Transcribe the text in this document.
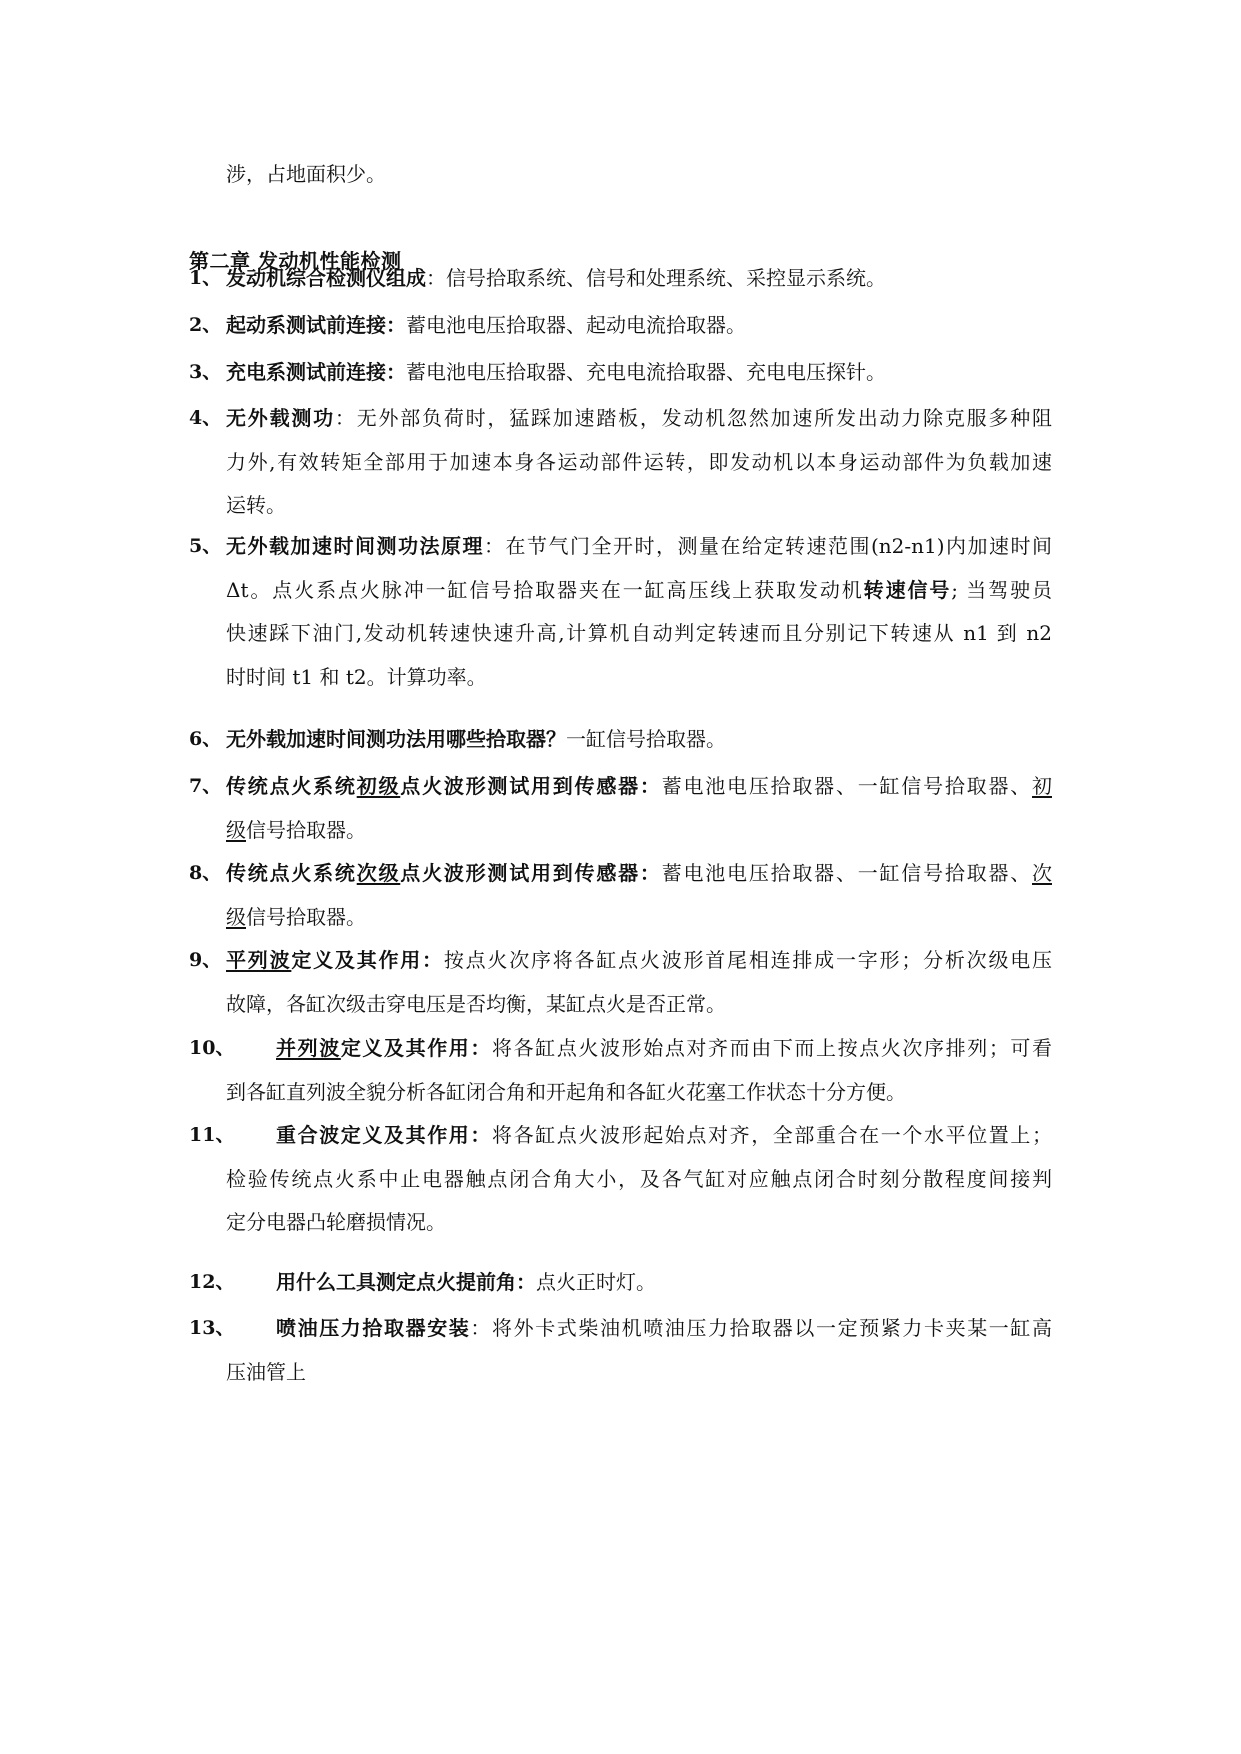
涉，占地面积少。
第二章 发动机性能检测
1、 发动机综合检测仪组成：信号拾取系统、信号和处理系统、采控显示系统。
2、 起动系测试前连接：蓄电池电压拾取器、起动电流拾取器。
3、 充电系测试前连接：蓄电池电压拾取器、充电电流拾取器、充电电压探针。
4、 无外载测功：无外部负荷时，猛踩加速踏板，发动机忽然加速所发出动力除克服多种阻
力外,有效转矩全部用于加速本身各运动部件运转，即发动机以本身运动部件为负载加速
运转。
5、 无外载加速时间测功法原理：在节气门全开时，测量在给定转速范围(n2-n1)内加速时间
Δt。点火系点火脉冲一缸信号拾取器夹在一缸高压线上获取发动机转速信号; 当驾驶员
快速踩下油门,发动机转速快速升高,计算机自动判定转速而且分别记下转速从 n1 到 n2
时时间 t1 和 t2。计算功率。
6、 无外载加速时间测功法用哪些拾取器？一缸信号拾取器。
7、 传统点火系统初级点火波形测试用到传感器：蓄电池电压拾取器、一缸信号拾取器、初
级信号拾取器。
8、 传统点火系统次级点火波形测试用到传感器：蓄电池电压拾取器、一缸信号拾取器、次
级信号拾取器。
9、 平列波定义及其作用：按点火次序将各缸点火波形首尾相连排成一字形；分析次级电压
故障，各缸次级击穿电压是否均衡，某缸点火是否正常。
10、 并列波定义及其作用：将各缸点火波形始点对齐而由下而上按点火次序排列；可看
到各缸直列波全貌分析各缸闭合角和开起角和各缸火花塞工作状态十分方便。
11、 重合波定义及其作用：将各缸点火波形起始点对齐，全部重合在一个水平位置上；
检验传统点火系中止电器触点闭合角大小，及各气缸对应触点闭合时刻分散程度间接判
定分电器凸轮磨损情况。
12、 用什么工具测定点火提前角：点火正时灯。
13、 喷油压力拾取器安装：将外卡式柴油机喷油压力拾取器以一定预紧力卡夹某一缸高
压油管上
